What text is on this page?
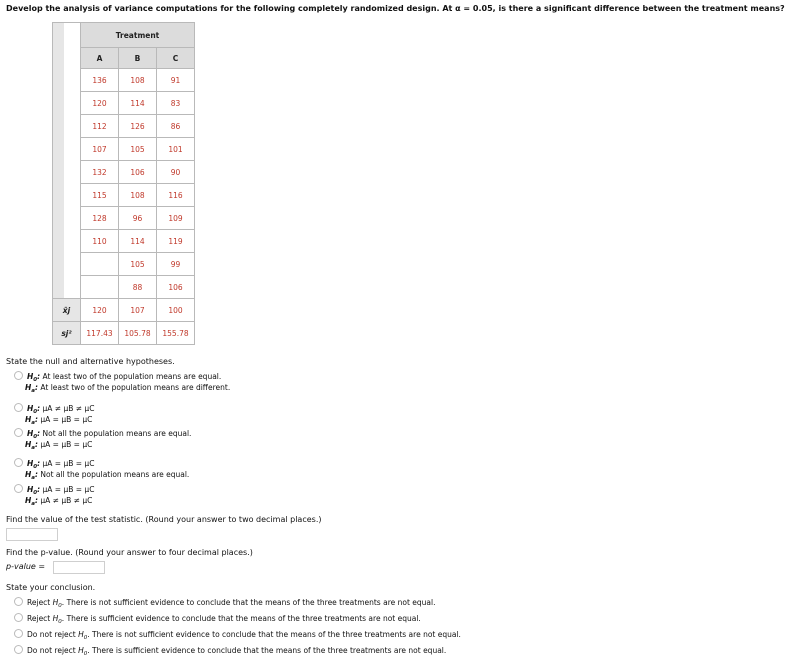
Develop the analysis of variance computations for the following completely randomized design. At α = 0.05, is there a significant difference between the treatment means?
	Treatment		
	A	B	C
	136	108	91
	120	114	83
	112	126	86
	107	105	101
	132	106	90
	115	108	116
	128	96	109
	110	114	119
		105	99
		88	106
x̄j	120	107	100
sj²	117.43	105.78	155.78
State the null and alternative hypotheses.
$H_0$: At least two of the population means are equal.
$H_a$: At least two of the population means are different.
$H_0$: μA ≠ μB ≠ μC
$H_a$: μA = μB = μC
$H_0$: Not all the population means are equal.
$H_a$: μA = μB = μC
$H_0$: μA = μB = μC
$H_a$: Not all the population means are equal.
$H_0$: μA = μB = μC
$H_a$: μA ≠ μB ≠ μC
Find the value of the test statistic. (Round your answer to two decimal places.)
Find the p-value. (Round your answer to four decimal places.)
p-value =
State your conclusion.
Reject $H_0$. There is not sufficient evidence to conclude that the means of the three treatments are not equal.
Reject $H_0$. There is sufficient evidence to conclude that the means of the three treatments are not equal.
Do not reject $H_0$. There is not sufficient evidence to conclude that the means of the three treatments are not equal.
Do not reject $H_0$. There is sufficient evidence to conclude that the means of the three treatments are not equal.
